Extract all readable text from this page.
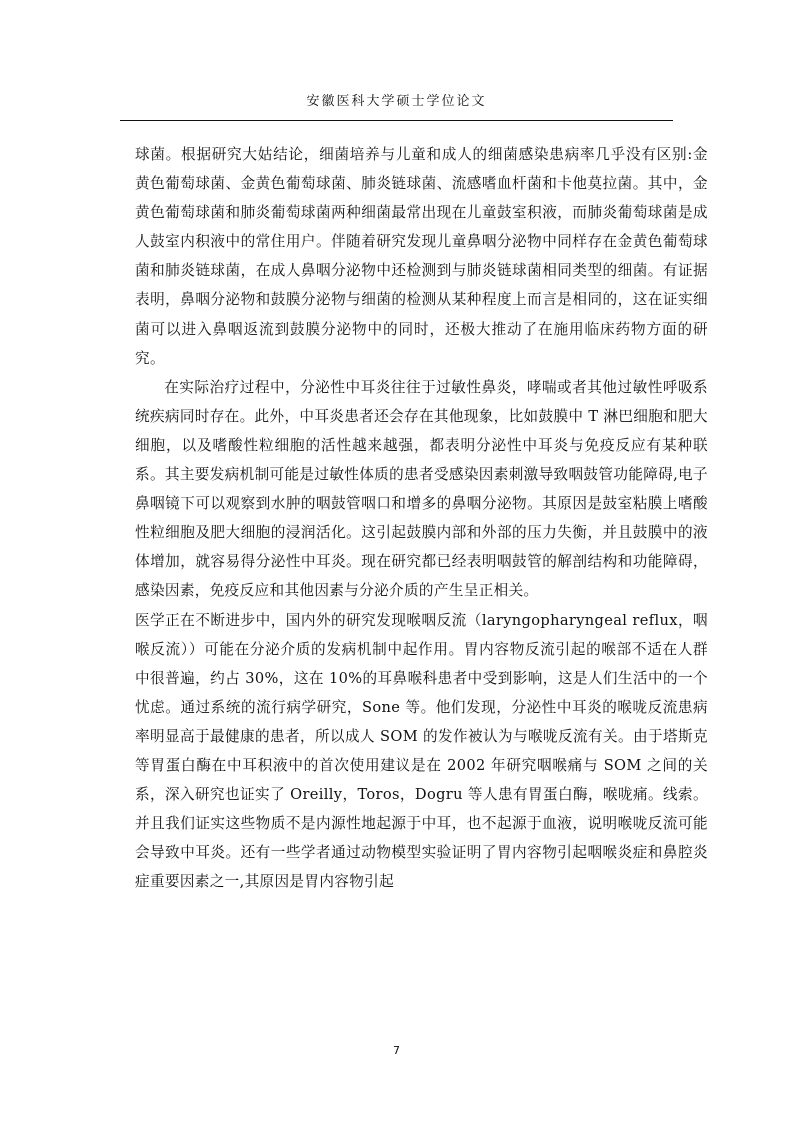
安徽医科大学硕士学位论文

球菌。根据研究大姑结论，细菌培养与儿童和成人的细菌感染患病率几乎没有区别:金黄色葡萄球菌、金黄色葡萄球菌、肺炎链球菌、流感嗜血杆菌和卡他莫拉菌。其中，金黄色葡萄球菌和肺炎葡萄球菌两种细菌最常出现在儿童鼓室积液，而肺炎葡萄球菌是成人鼓室内积液中的常住用户。伴随着研究发现儿童鼻咽分泌物中同样存在金黄色葡萄球菌和肺炎链球菌，在成人鼻咽分泌物中还检测到与肺炎链球菌相同类型的细菌。有证据表明，鼻咽分泌物和鼓膜分泌物与细菌的检测从某种程度上而言是相同的，这在证实细菌可以进入鼻咽返流到鼓膜分泌物中的同时，还极大推动了在施用临床药物方面的研究。

在实际治疗过程中，分泌性中耳炎往往于过敏性鼻炎，哮喘或者其他过敏性呼吸系统疾病同时存在。此外，中耳炎患者还会存在其他现象，比如鼓膜中 T 淋巴细胞和肥大细胞，以及嗜酸性粒细胞的活性越来越强，都表明分泌性中耳炎与免疫反应有某种联系。其主要发病机制可能是过敏性体质的患者受感染因素刺激导致咽鼓管功能障碍,电子鼻咽镜下可以观察到水肿的咽鼓管咽口和增多的鼻咽分泌物。其原因是鼓室粘膜上嗜酸性粒细胞及肥大细胞的浸润活化。这引起鼓膜内部和外部的压力失衡，并且鼓膜中的液体增加，就容易得分泌性中耳炎。现在研究都已经表明咽鼓管的解剖结构和功能障碍，感染因素，免疫反应和其他因素与分泌介质的产生呈正相关。

医学正在不断进步中，国内外的研究发现喉咽反流（laryngopharyngeal reflux，咽喉反流））可能在分泌介质的发病机制中起作用。胃内容物反流引起的喉部不适在人群中很普遍，约占 30%，这在 10%的耳鼻喉科患者中受到影响，这是人们生活中的一个忧虑。通过系统的流行病学研究，Sone 等。他们发现，分泌性中耳炎的喉咙反流患病率明显高于最健康的患者，所以成人 SOM 的发作被认为与喉咙反流有关。由于塔斯克等胃蛋白酶在中耳积液中的首次使用建议是在 2002 年研究咽喉痛与 SOM 之间的关系，深入研究也证实了 Oreilly，Toros，Dogru 等人患有胃蛋白酶，喉咙痛。线索。并且我们证实这些物质不是内源性地起源于中耳，也不起源于血液，说明喉咙反流可能会导致中耳炎。还有一些学者通过动物模型实验证明了胃内容物引起咽喉炎症和鼻腔炎症重要因素之一,其原因是胃内容物引起

7
